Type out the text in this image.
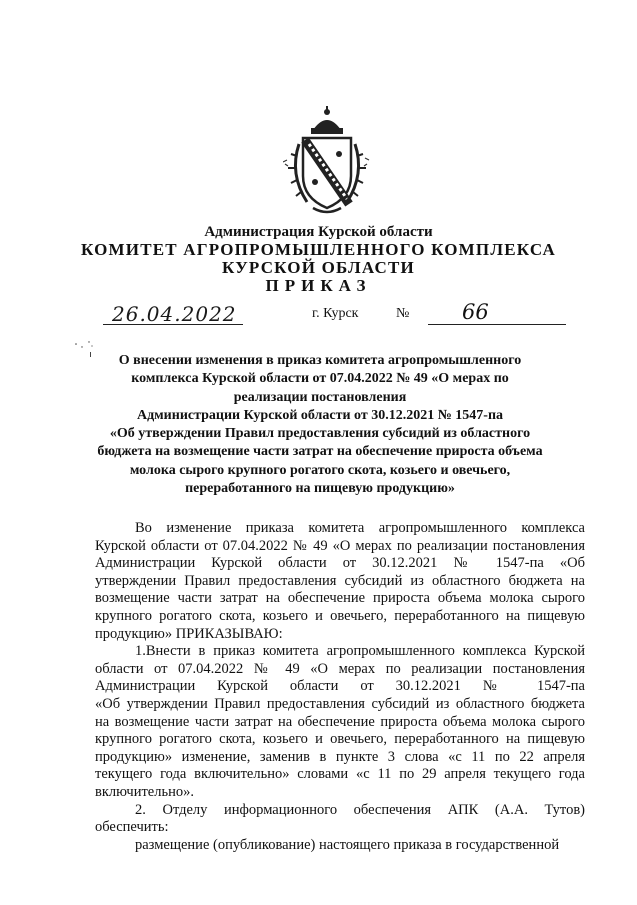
Администрация Курской области
КОМИТЕТ АГРОПРОМЫШЛЕННОГО КОМПЛЕКСА
КУРСКОЙ ОБЛАСТИ
ПРИКАЗ
26.04.2022	г. Курск	№	66
О внесении изменения в приказ комитета агропромышленного
комплекса Курской области от 07.04.2022 № 49 «О мерах по
реализации постановления
Администрации Курской области от 30.12.2021 № 1547-па
«Об утверждении Правил предоставления субсидий из областного
бюджета на возмещение части затрат на обеспечение прироста объема
молока сырого крупного рогатого скота, козьего и овечьего,
переработанного на пищевую продукцию»
Во изменение приказа комитета агропромышленного комплекса
Курской области от 07.04.2022 № 49 «О мерах по реализации постановления
Администрации Курской области от 30.12.2021 № 1547-па «Об
утверждении Правил предоставления субсидий из областного бюджета на
возмещение части затрат на обеспечение прироста объема молока сырого
крупного рогатого скота, козьего и овечьего, переработанного на пищевую
продукцию» ПРИКАЗЫВАЮ:
1.Внести в приказ комитета агропромышленного комплекса Курской
области от 07.04.2022 № 49 «О мерах по реализации постановления
Администрации Курской области от 30.12.2021 № 1547-па
«Об утверждении Правил предоставления субсидий из областного бюджета
на возмещение части затрат на обеспечение прироста объема молока сырого
крупного рогатого скота, козьего и овечьего, переработанного на пищевую
продукцию» изменение, заменив в пункте 3 слова «с 11 по 22 апреля
текущего года включительно» словами «с 11 по 29 апреля текущего года
включительно».
2. Отделу информационного обеспечения АПК (А.А. Тутов)
обеспечить:
размещение (опубликование) настоящего приказа в государственной
